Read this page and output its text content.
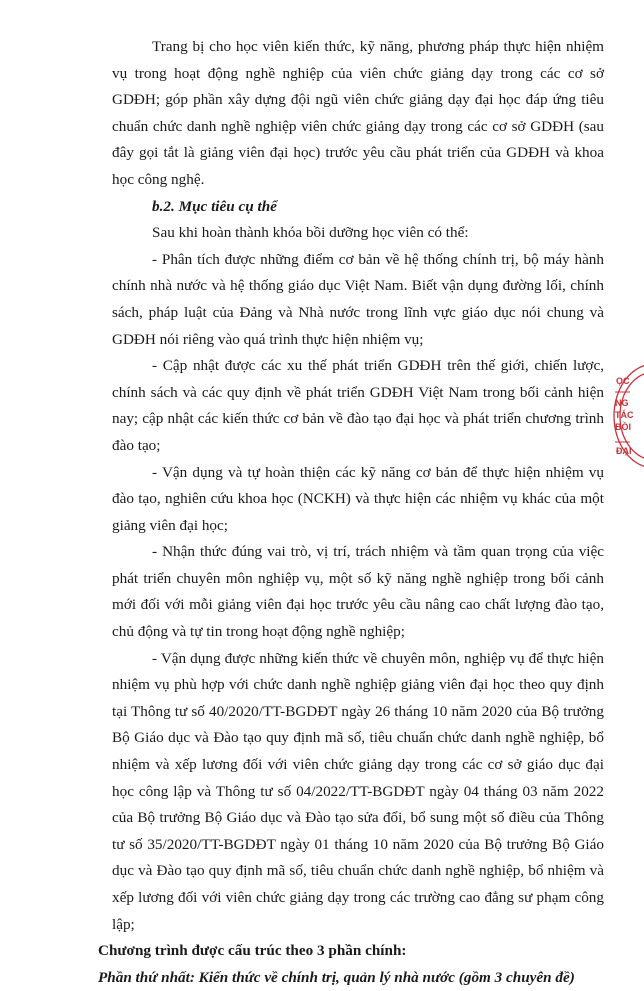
Trang bị cho học viên kiến thức, kỹ năng, phương pháp thực hiện nhiệm vụ trong hoạt động nghề nghiệp của viên chức giảng dạy trong các cơ sở GDĐH; góp phần xây dựng đội ngũ viên chức giảng dạy đại học đáp ứng tiêu chuẩn chức danh nghề nghiệp viên chức giảng dạy trong các cơ sở GDĐH (sau đây gọi tắt là giảng viên đại học) trước yêu cầu phát triển của GDĐH và khoa học công nghệ.

b.2. Mục tiêu cụ thể

Sau khi hoàn thành khóa bồi dưỡng học viên có thể:

- Phân tích được những điểm cơ bản về hệ thống chính trị, bộ máy hành chính nhà nước và hệ thống giáo dục Việt Nam. Biết vận dụng đường lối, chính sách, pháp luật của Đảng và Nhà nước trong lĩnh vực giáo dục nói chung và GDĐH nói riêng vào quá trình thực hiện nhiệm vụ;

- Cập nhật được các xu thế phát triển GDĐH trên thế giới, chiến lược, chính sách và các quy định về phát triển GDĐH Việt Nam trong bối cảnh hiện nay; cập nhật các kiến thức cơ bản về đào tạo đại học và phát triển chương trình đào tạo;

- Vận dụng và tự hoàn thiện các kỹ năng cơ bản để thực hiện nhiệm vụ đào tạo, nghiên cứu khoa học (NCKH) và thực hiện các nhiệm vụ khác của một giảng viên đại học;

- Nhận thức đúng vai trò, vị trí, trách nhiệm và tầm quan trọng của việc phát triển chuyên môn nghiệp vụ, một số kỹ năng nghề nghiệp trong bối cảnh mới đối với mỗi giảng viên đại học trước yêu cầu nâng cao chất lượng đào tạo, chủ động và tự tin trong hoạt động nghề nghiệp;

- Vận dụng được những kiến thức về chuyên môn, nghiệp vụ để thực hiện nhiệm vụ phù hợp với chức danh nghề nghiệp giảng viên đại học theo quy định tại Thông tư số 40/2020/TT-BGDĐT ngày 26 tháng 10 năm 2020 của Bộ trưởng Bộ Giáo dục và Đào tạo quy định mã số, tiêu chuẩn chức danh nghề nghiệp, bổ nhiệm và xếp lương đối với viên chức giảng dạy trong các cơ sở giáo dục đại học công lập và Thông tư số 04/2022/TT-BGDĐT ngày 04 tháng 03 năm 2022 của Bộ trưởng Bộ Giáo dục và Đào tạo sửa đổi, bổ sung một số điều của Thông tư số 35/2020/TT-BGDĐT ngày 01 tháng 10 năm 2020 của Bộ trưởng Bộ Giáo dục và Đào tạo quy định mã số, tiêu chuẩn chức danh nghề nghiệp, bổ nhiệm và xếp lương đối với viên chức giảng dạy trong các trường cao đẳng sư phạm công lập;

Chương trình được cấu trúc theo 3 phần chính:

Phần thứ nhất: Kiến thức về chính trị, quản lý nhà nước (gồm 3 chuyên đề)

ỌC
NG
TÁC
BỒI
ĐẠI
